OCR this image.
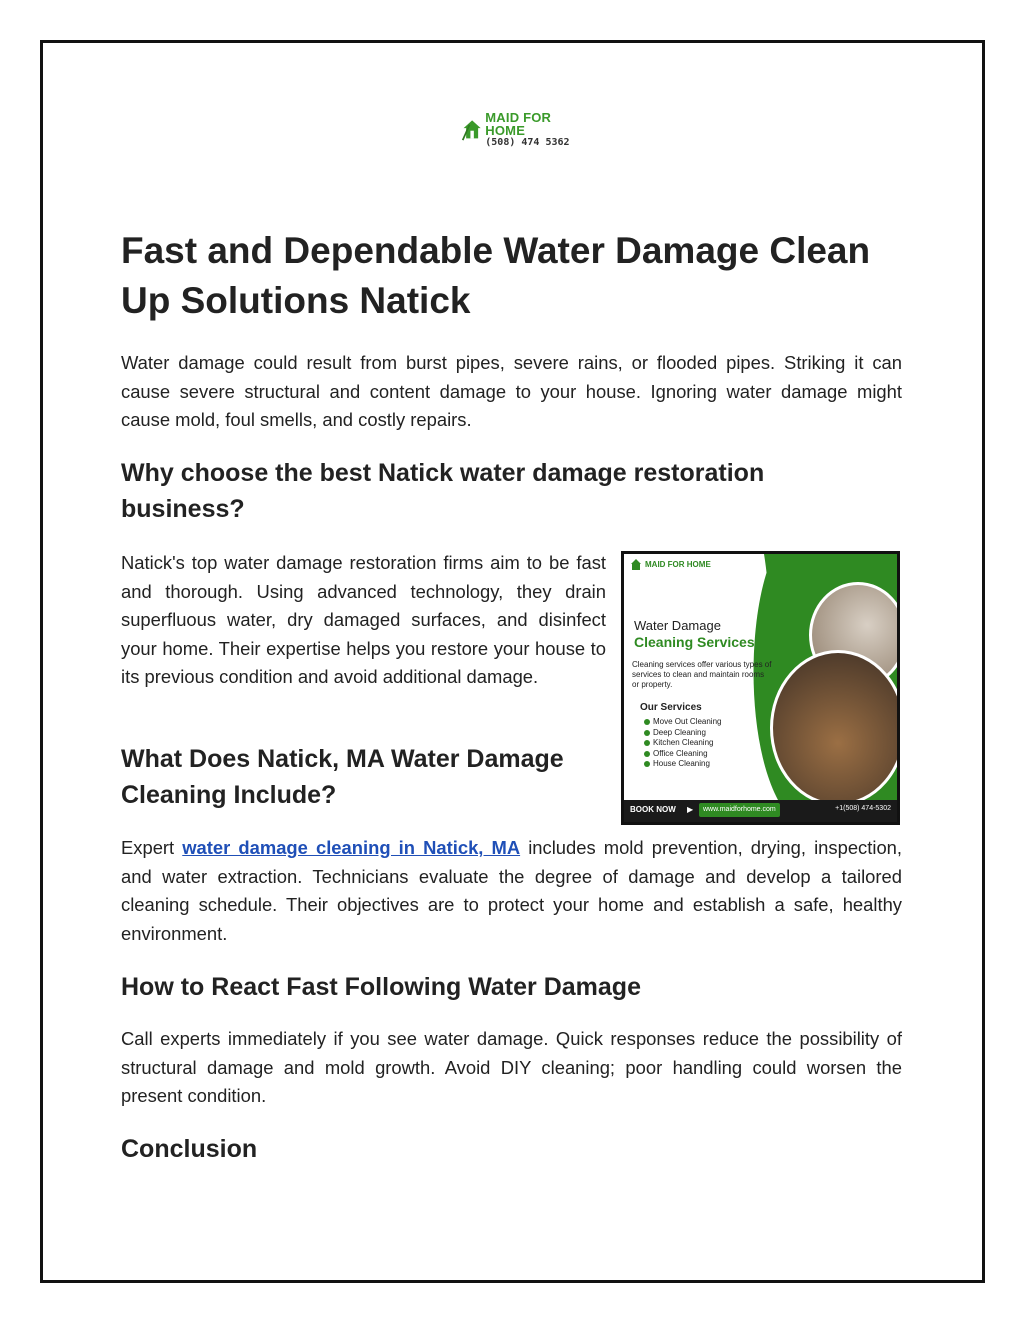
MAID FOR HOME
(508) 474 5362
Fast and Dependable Water Damage Clean Up Solutions Natick

Water damage could result from burst pipes, severe rains, or flooded pipes. Striking it can cause severe structural and content damage to your house. Ignoring water damage might cause mold, foul smells, and costly repairs.

Why choose the best Natick water damage restoration business?

Natick's top water damage restoration firms aim to be fast and thorough. Using advanced technology, they drain superfluous water, dry damaged surfaces, and disinfect your home. Their expertise helps you restore your house to its previous condition and avoid additional damage.

What Does Natick, MA Water Damage Cleaning Include?

Expert water damage cleaning in Natick, MA includes mold prevention, drying, inspection, and water extraction. Technicians evaluate the degree of damage and develop a tailored cleaning schedule. Their objectives are to protect your home and establish a safe, healthy environment.

How to React Fast Following Water Damage

Call experts immediately if you see water damage. Quick responses reduce the possibility of structural damage and mold growth. Avoid DIY cleaning; poor handling could worsen the present condition.

Conclusion
MAID FOR HOME
Water Damage
Cleaning Services
Cleaning services offer various types of services to clean and maintain rooms or property.
Our Services
Move Out Cleaning
Deep Cleaning
Kitchen Cleaning
Office Cleaning
House Cleaning
BOOK NOW ▶	www.maidforhome.com	+1(508) 474-5302
